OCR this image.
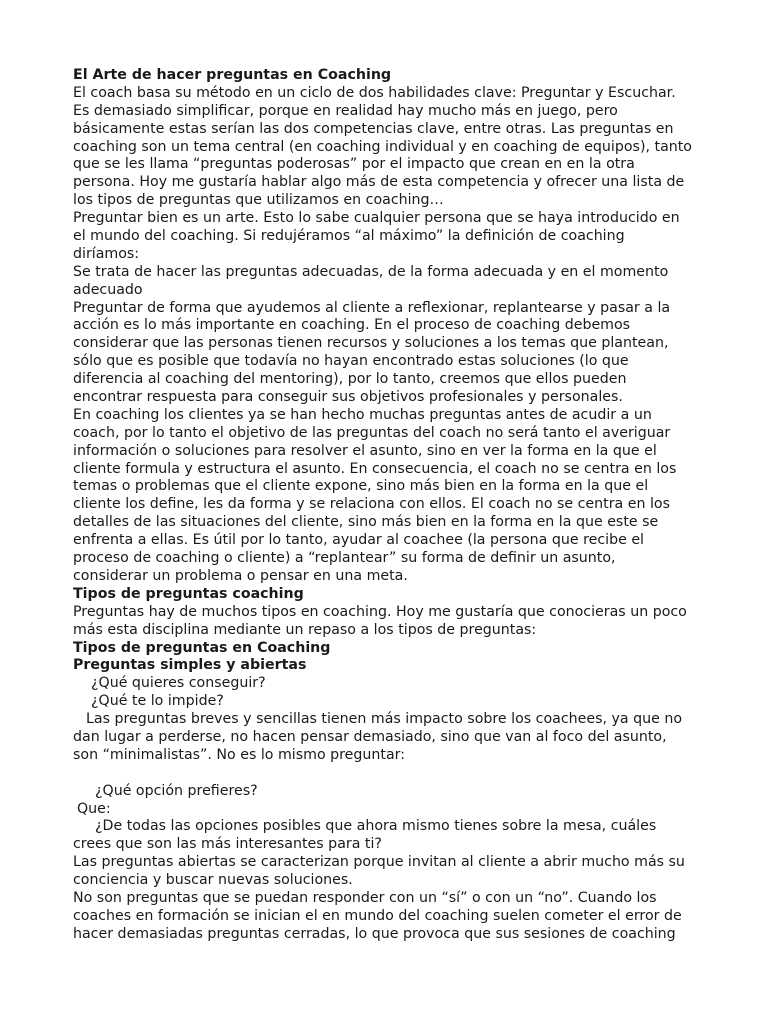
El Arte de hacer preguntas en Coaching
El coach basa su método en un ciclo de dos habilidades clave: Preguntar y Escuchar.
Es demasiado simplificar, porque en realidad hay mucho más en juego, pero
básicamente estas serían las dos competencias clave, entre otras. Las preguntas en
coaching son un tema central (en coaching individual y en coaching de equipos), tanto
que se les llama “preguntas poderosas” por el impacto que crean en en la otra
persona. Hoy me gustaría hablar algo más de esta competencia y ofrecer una lista de
los tipos de preguntas que utilizamos en coaching…
Preguntar bien es un arte. Esto lo sabe cualquier persona que se haya introducido en
el mundo del coaching. Si redujéramos “al máximo” la definición de coaching
diríamos:
Se trata de hacer las preguntas adecuadas, de la forma adecuada y en el momento
adecuado
Preguntar de forma que ayudemos al cliente a reflexionar, replantearse y pasar a la
acción es lo más importante en coaching. En el proceso de coaching debemos
considerar que las personas tienen recursos y soluciones a los temas que plantean,
sólo que es posible que todavía no hayan encontrado estas soluciones (lo que
diferencia al coaching del mentoring), por lo tanto, creemos que ellos pueden
encontrar respuesta para conseguir sus objetivos profesionales y personales.
En coaching los clientes ya se han hecho muchas preguntas antes de acudir a un
coach, por lo tanto el objetivo de las preguntas del coach no será tanto el averiguar
información o soluciones para resolver el asunto, sino en ver la forma en la que el
cliente formula y estructura el asunto. En consecuencia, el coach no se centra en los
temas o problemas que el cliente expone, sino más bien en la forma en la que el
cliente los define, les da forma y se relaciona con ellos. El coach no se centra en los
detalles de las situaciones del cliente, sino más bien en la forma en la que este se
enfrenta a ellas. Es útil por lo tanto, ayudar al coachee (la persona que recibe el
proceso de coaching o cliente) a “replantear” su forma de definir un asunto,
considerar un problema o pensar en una meta.
Tipos de preguntas coaching
Preguntas hay de muchos tipos en coaching. Hoy me gustaría que conocieras un poco
más esta disciplina mediante un repaso a los tipos de preguntas:
Tipos de preguntas en Coaching
Preguntas simples y abiertas
¿Qué quieres conseguir?
¿Qué te lo impide?
Las preguntas breves y sencillas tienen más impacto sobre los coachees, ya que no
dan lugar a perderse, no hacen pensar demasiado, sino que van al foco del asunto,
son “minimalistas”. No es lo mismo preguntar:
¿Qué opción prefieres?
Que:
¿De todas las opciones posibles que ahora mismo tienes sobre la mesa, cuáles
crees que son las más interesantes para ti?
Las preguntas abiertas se caracterizan porque invitan al cliente a abrir mucho más su
conciencia y buscar nuevas soluciones.
No son preguntas que se puedan responder con un “sí” o con un “no”. Cuando los
coaches en formación se inician el en mundo del coaching suelen cometer el error de
hacer demasiadas preguntas cerradas, lo que provoca que sus sesiones de coaching
